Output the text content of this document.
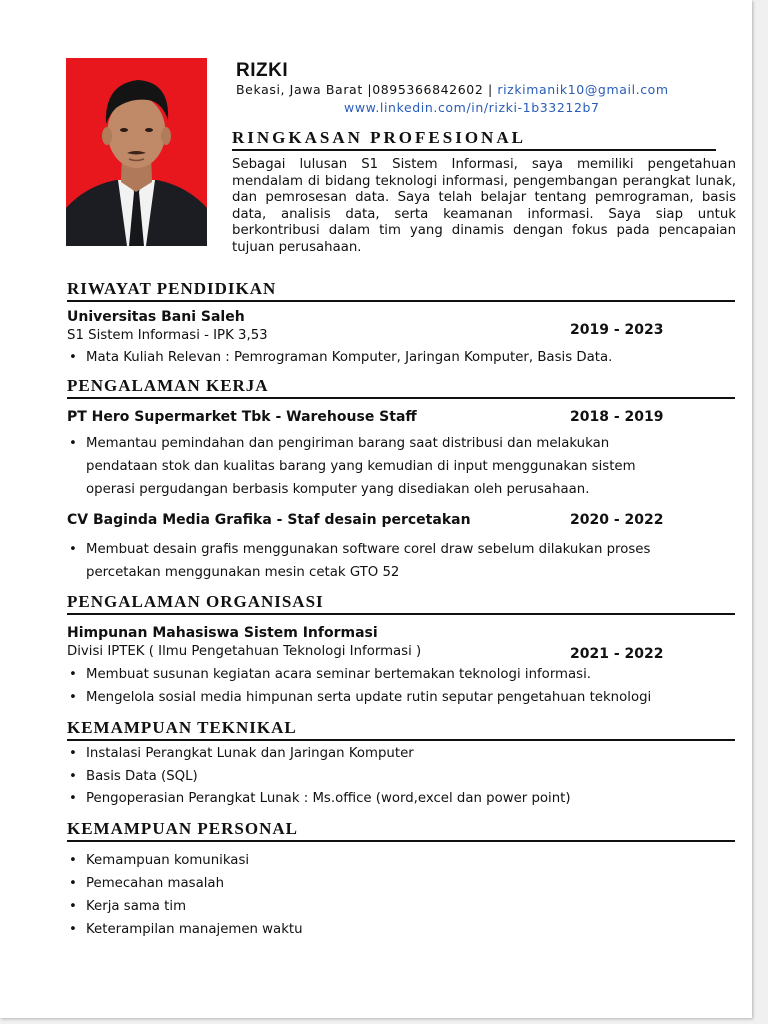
RIZKI
Bekasi, Jawa Barat |0895366842602 | rizkimanik10@gmail.com
www.linkedin.com/in/rizki-1b33212b7
RINGKASAN PROFESIONAL

Sebagai lulusan S1 Sistem Informasi, saya memiliki pengetahuan mendalam di bidang teknologi informasi, pengembangan perangkat lunak, dan pemrosesan data. Saya telah belajar tentang pemrograman, basis data, analisis data, serta keamanan informasi. Saya siap untuk berkontribusi dalam tim yang dinamis dengan fokus pada pencapaian tujuan perusahaan.

RIWAYAT PENDIDIKAN
Universitas Bani Saleh
S1 Sistem Informasi - IPK 3,53	2019 - 2023
• Mata Kuliah Relevan : Pemrograman Komputer, Jaringan Komputer, Basis Data.
PENGALAMAN KERJA
PT Hero Supermarket Tbk - Warehouse Staff	2018 - 2019
• Memantau pemindahan dan pengiriman barang saat distribusi dan melakukan pendataan stok dan kualitas barang yang kemudian di input menggunakan sistem operasi pergudangan berbasis komputer yang disediakan oleh perusahaan.
CV Baginda Media Grafika - Staf desain percetakan	2020 - 2022
• Membuat desain grafis menggunakan software corel draw sebelum dilakukan proses percetakan menggunakan mesin cetak GTO 52
PENGALAMAN ORGANISASI
Himpunan Mahasiswa Sistem Informasi
Divisi IPTEK ( Ilmu Pengetahuan Teknologi Informasi )	2021 - 2022
• Membuat susunan kegiatan acara seminar bertemakan teknologi informasi.
• Mengelola sosial media himpunan serta update rutin seputar pengetahuan teknologi
KEMAMPUAN TEKNIKAL
• Instalasi Perangkat Lunak dan Jaringan Komputer
• Basis Data (SQL)
• Pengoperasian Perangkat Lunak : Ms.office (word,excel dan power point)
KEMAMPUAN PERSONAL
• Kemampuan komunikasi
• Pemecahan masalah
• Kerja sama tim
• Keterampilan manajemen waktu
